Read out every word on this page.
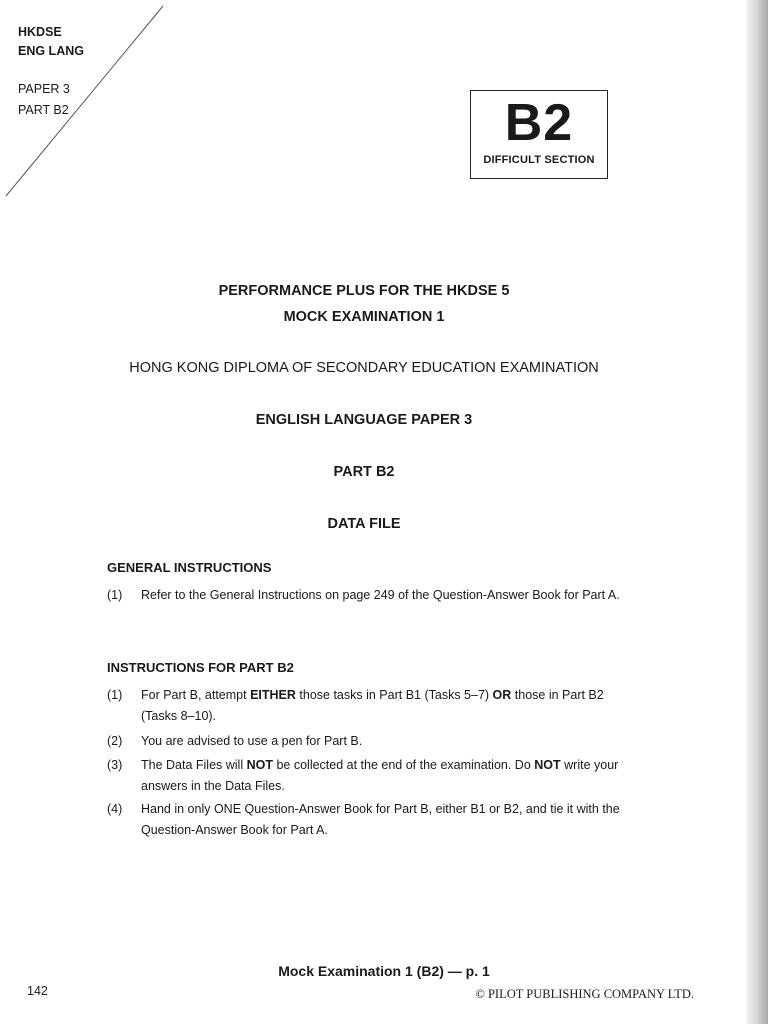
HKDSE
ENG LANG
PAPER 3
PART B2	B2
DIFFICULT SECTION
PERFORMANCE PLUS FOR THE HKDSE 5
MOCK EXAMINATION 1
HONG KONG DIPLOMA OF SECONDARY EDUCATION EXAMINATION
ENGLISH LANGUAGE PAPER 3
PART B2
DATA FILE
GENERAL INSTRUCTIONS
(1) Refer to the General Instructions on page 249 of the Question-Answer Book for Part A.
INSTRUCTIONS FOR PART B2
(1) For Part B, attempt EITHER those tasks in Part B1 (Tasks 5–7) OR those in Part B2 (Tasks 8–10).
(2) You are advised to use a pen for Part B.
(3) The Data Files will NOT be collected at the end of the examination. Do NOT write your answers in the Data Files.
(4) Hand in only ONE Question-Answer Book for Part B, either B1 or B2, and tie it with the Question-Answer Book for Part A.
Mock Examination 1 (B2) — p. 1
142	© PILOT PUBLISHING COMPANY LTD.
